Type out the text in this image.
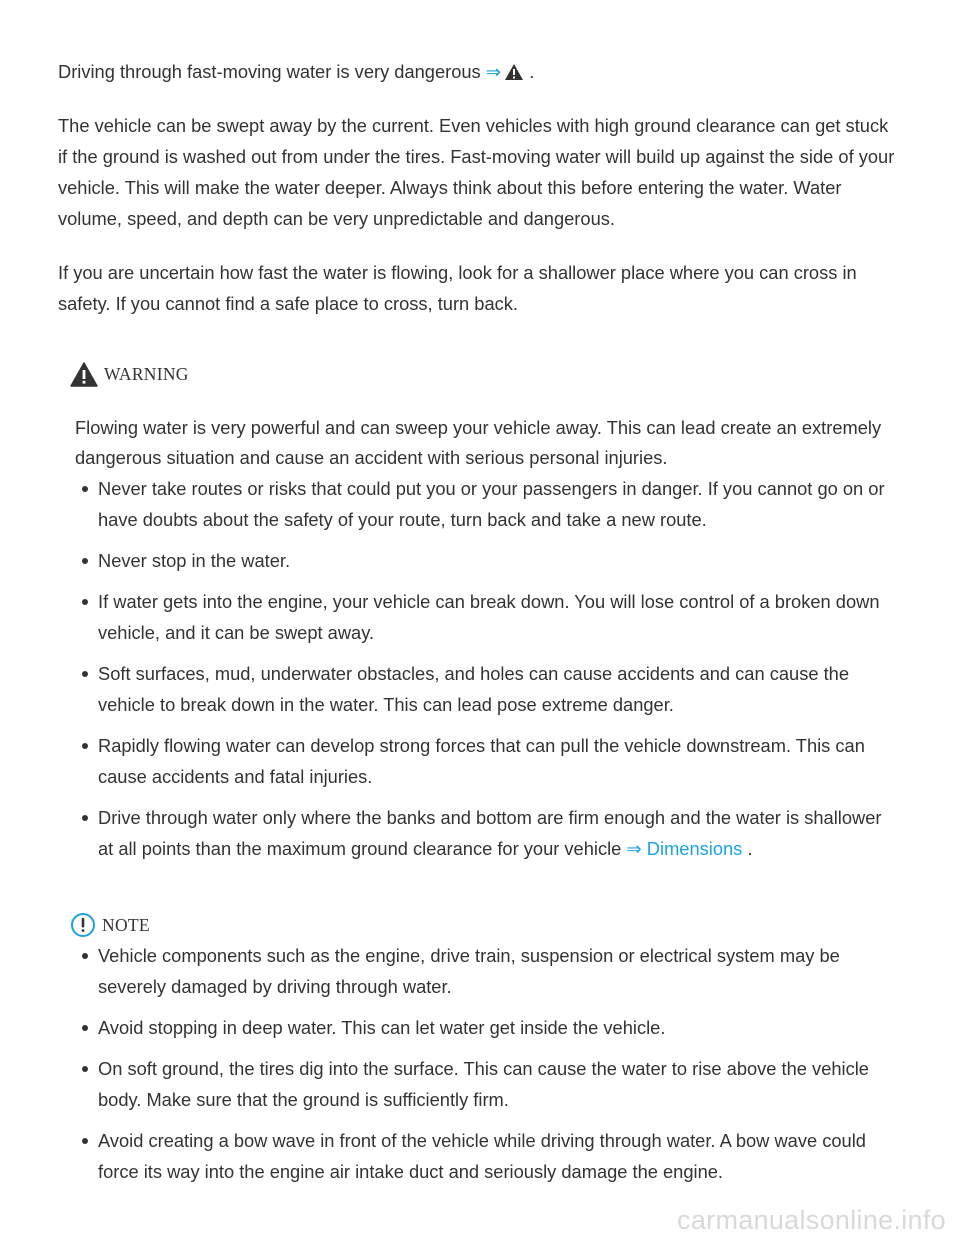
Driving through fast-moving water is very dangerous ⇒ .

The vehicle can be swept away by the current. Even vehicles with high ground clearance can get stuck if the ground is washed out from under the tires. Fast-moving water will build up against the side of your vehicle. This will make the water deeper. Always think about this before entering the water. Water volume, speed, and depth can be very unpredictable and dangerous.

If you are uncertain how fast the water is flowing, look for a shallower place where you can cross in safety. If you cannot find a safe place to cross, turn back.

WARNING

Flowing water is very powerful and can sweep your vehicle away. This can lead create an extremely dangerous situation and cause an accident with serious personal injuries.

Never take routes or risks that could put you or your passengers in danger. If you cannot go on or have doubts about the safety of your route, turn back and take a new route.
Never stop in the water.
If water gets into the engine, your vehicle can break down. You will lose control of a broken down vehicle, and it can be swept away.
Soft surfaces, mud, underwater obstacles, and holes can cause accidents and can cause the vehicle to break down in the water. This can lead pose extreme danger.
Rapidly flowing water can develop strong forces that can pull the vehicle downstream. This can cause accidents and fatal injuries.
Drive through water only where the banks and bottom are firm enough and the water is shallower at all points than the maximum ground clearance for your vehicle ⇒ Dimensions .
NOTE
Vehicle components such as the engine, drive train, suspension or electrical system may be severely damaged by driving through water.
Avoid stopping in deep water. This can let water get inside the vehicle.
On soft ground, the tires dig into the surface. This can cause the water to rise above the vehicle body. Make sure that the ground is sufficiently firm.
Avoid creating a bow wave in front of the vehicle while driving through water. A bow wave could force its way into the engine air intake duct and seriously damage the engine.
carmanualsonline.info
